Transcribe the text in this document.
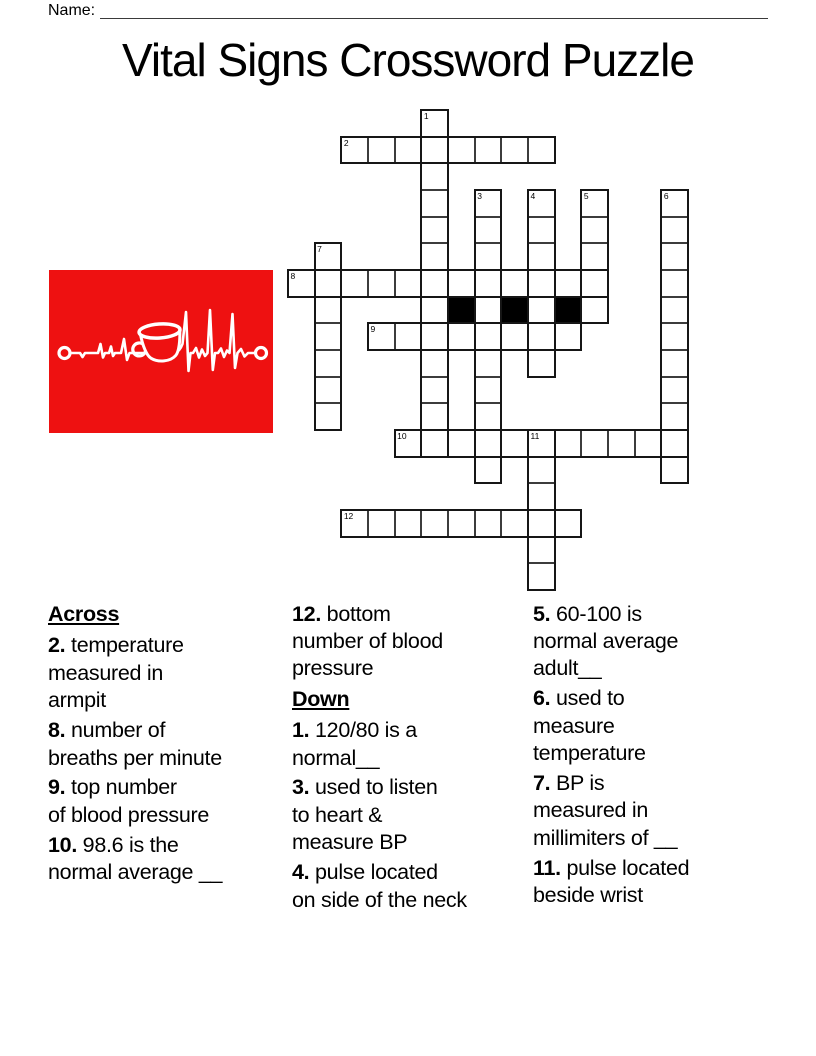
Name:
Vital Signs Crossword Puzzle
1
2
3	4	5	6
7
8
9
10	11
12
Across
2. temperature
measured in
armpit
8. number of
breaths per minute
9. top number
of blood pressure
10. 98.6 is the
normal average __
12. bottom
number of blood
pressure
Down
1. 120/80 is a
normal__
3. used to listen
to heart &
measure BP
4. pulse located
on side of the neck
5. 60-100 is
normal average
adult__
6. used to
measure
temperature
7. BP is
measured in
millimiters of __
11. pulse located
beside wrist
